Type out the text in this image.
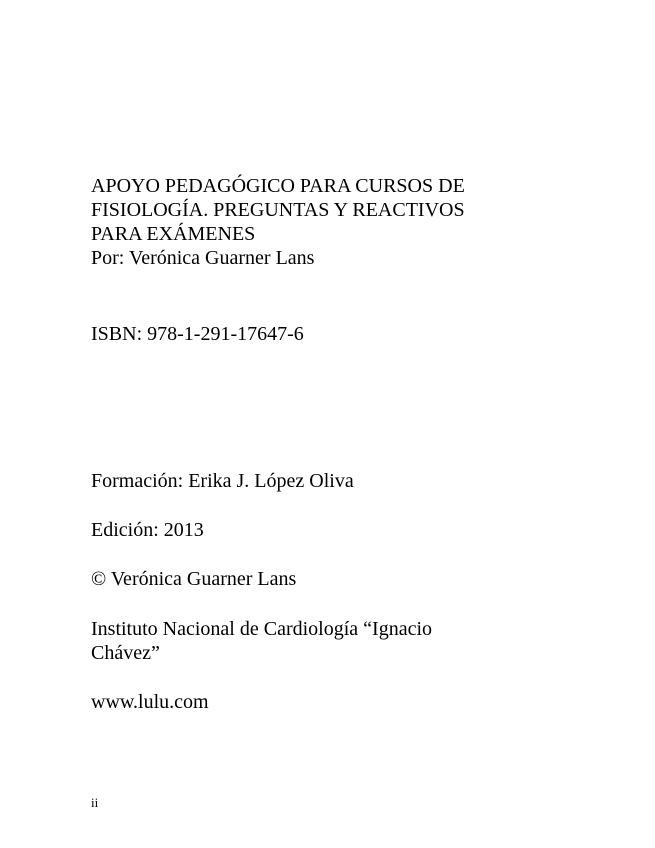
APOYO PEDAGÓGICO PARA CURSOS DE
FISIOLOGÍA. PREGUNTAS Y REACTIVOS
PARA EXÁMENES
Por: Verónica Guarner Lans

ISBN: 978-1-291-17647-6

Formación: Erika J. López Oliva

Edición: 2013

© Verónica Guarner Lans

Instituto Nacional de Cardiología “Ignacio
Chávez”

www.lulu.com

ii
